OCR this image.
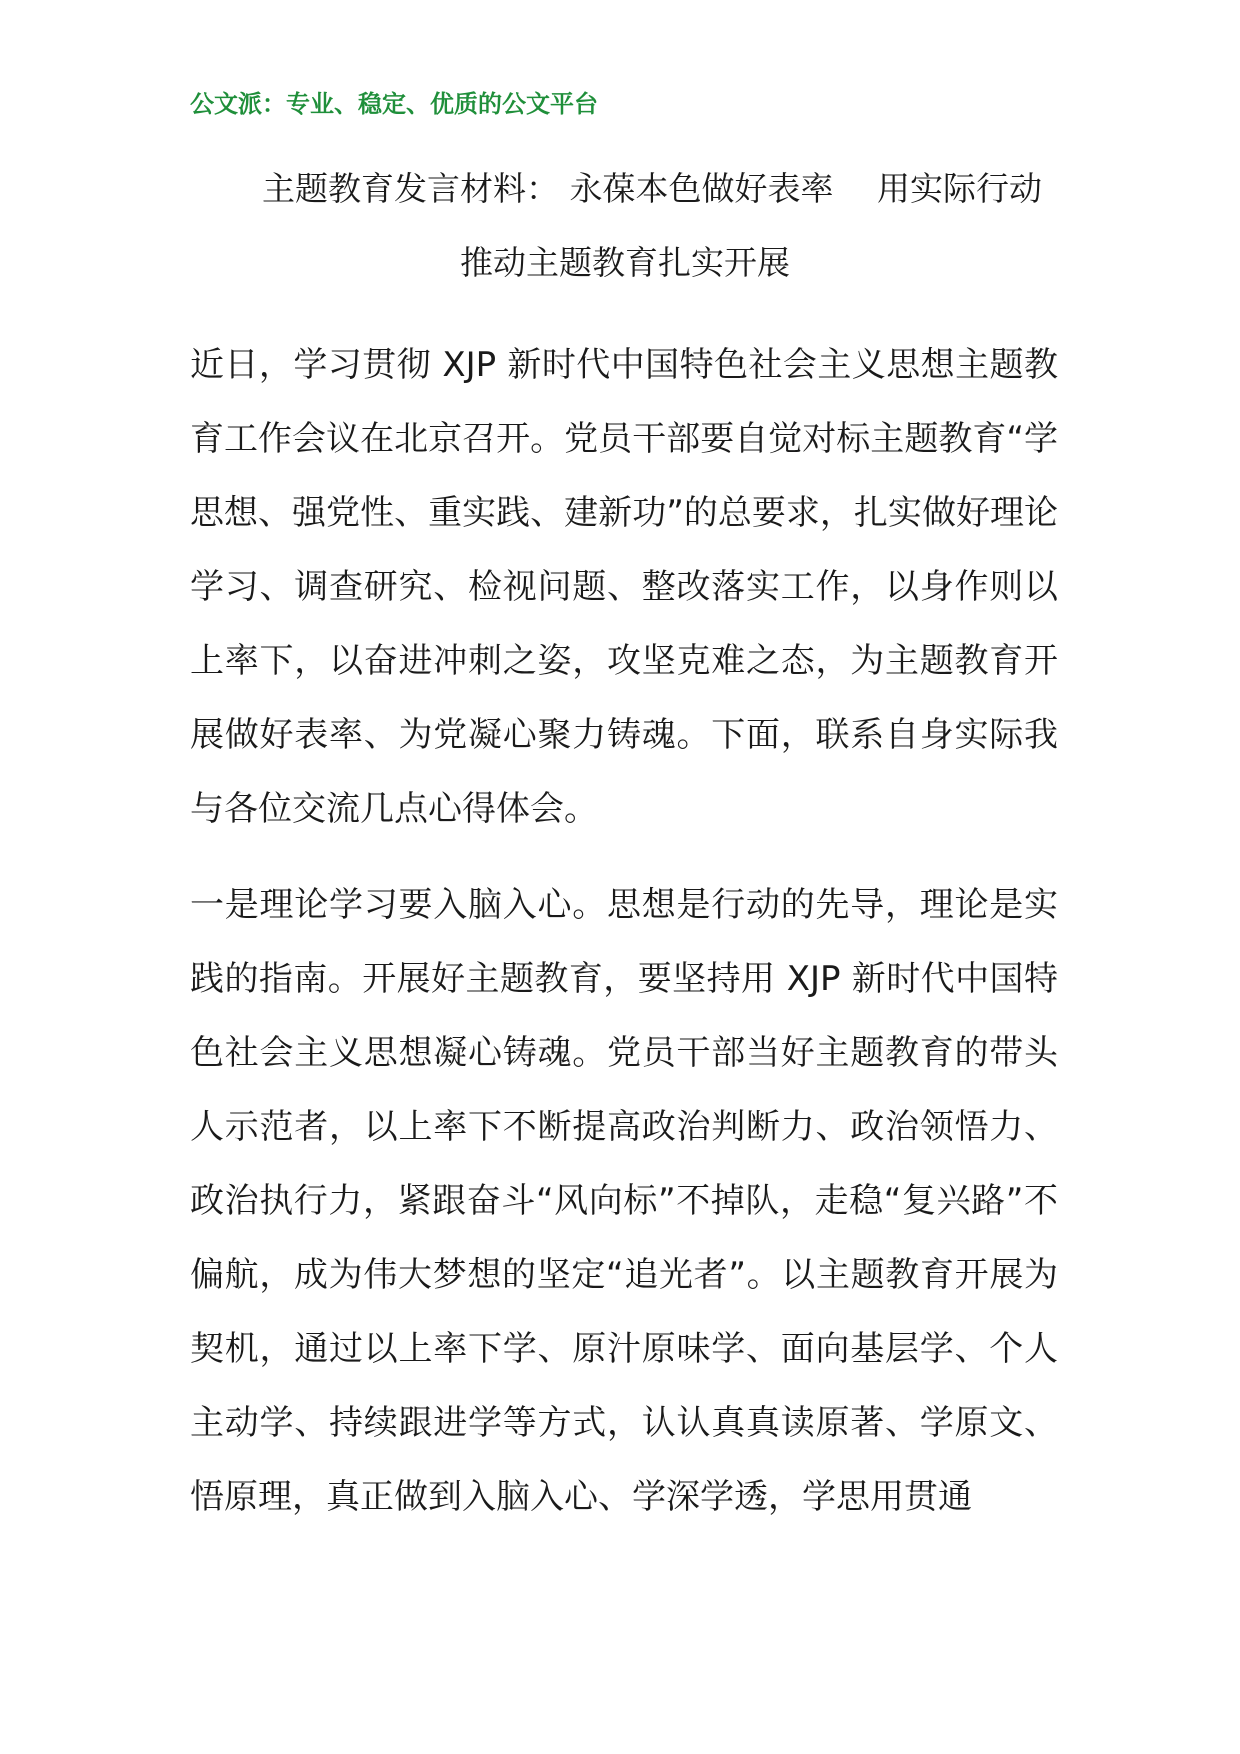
公文派：专业、稳定、优质的公文平台
主题教育发言材料： 永葆本色做好表率　 用实际行动
推动主题教育扎实开展

近日，学习贯彻 XJP 新时代中国特色社会主义思想主题教育工作会议在北京召开。党员干部要自觉对标主题教育“学思想、强党性、重实践、建新功”的总要求，扎实做好理论学习、调查研究、检视问题、整改落实工作，以身作则以上率下，以奋进冲刺之姿，攻坚克难之态，为主题教育开展做好表率、为党凝心聚力铸魂。下面，联系自身实际我与各位交流几点心得体会。

一是理论学习要入脑入心。思想是行动的先导，理论是实践的指南。开展好主题教育，要坚持用 XJP 新时代中国特色社会主义思想凝心铸魂。党员干部当好主题教育的带头人示范者，以上率下不断提高政治判断力、政治领悟力、政治执行力，紧跟奋斗“风向标”不掉队，走稳“复兴路”不偏航，成为伟大梦想的坚定“追光者”。以主题教育开展为契机，通过以上率下学、原汁原味学、面向基层学、个人主动学、持续跟进学等方式，认认真真读原著、学原文、悟原理，真正做到入脑入心、学深学透，学思用贯通
